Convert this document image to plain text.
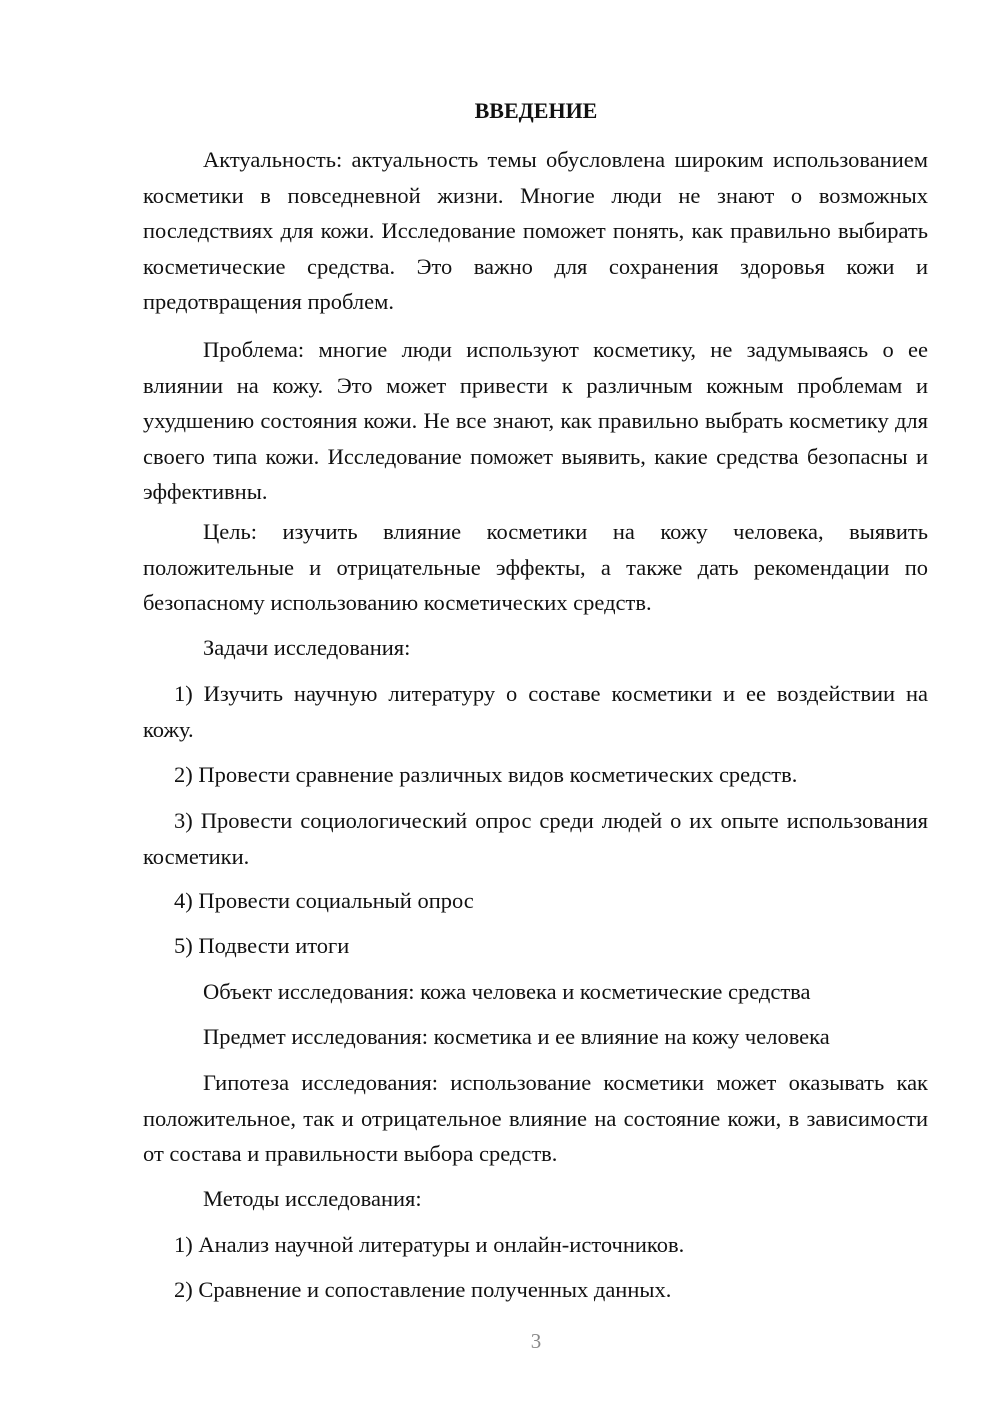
ВВЕДЕНИЕ

Актуальность: актуальность темы обусловлена широким использованием косметики в повседневной жизни. Многие люди не знают о возможных последствиях для кожи. Исследование поможет понять, как правильно выбирать косметические средства. Это важно для сохранения здоровья кожи и предотвращения проблем.

Проблема: многие люди используют косметику, не задумываясь о ее влиянии на кожу. Это может привести к различным кожным проблемам и ухудшению состояния кожи. Не все знают, как правильно выбрать косметику для своего типа кожи. Исследование поможет выявить, какие средства безопасны и эффективны.

Цель: изучить влияние косметики на кожу человека, выявить положительные и отрицательные эффекты, а также дать рекомендации по безопасному использованию косметических средств.

Задачи исследования:

1) Изучить научную литературу о составе косметики и ее воздействии на кожу.

2) Провести сравнение различных видов косметических средств.

3) Провести социологический опрос среди людей о их опыте использования косметики.

4) Провести социальный опрос

5) Подвести итоги

Объект исследования: кожа человека и косметические средства

Предмет исследования: косметика и ее влияние на кожу человека

Гипотеза исследования: использование косметики может оказывать как положительное, так и отрицательное влияние на состояние кожи, в зависимости от состава и правильности выбора средств.

Методы исследования:

1) Анализ научной литературы и онлайн-источников.

2) Сравнение и сопоставление полученных данных.

3
